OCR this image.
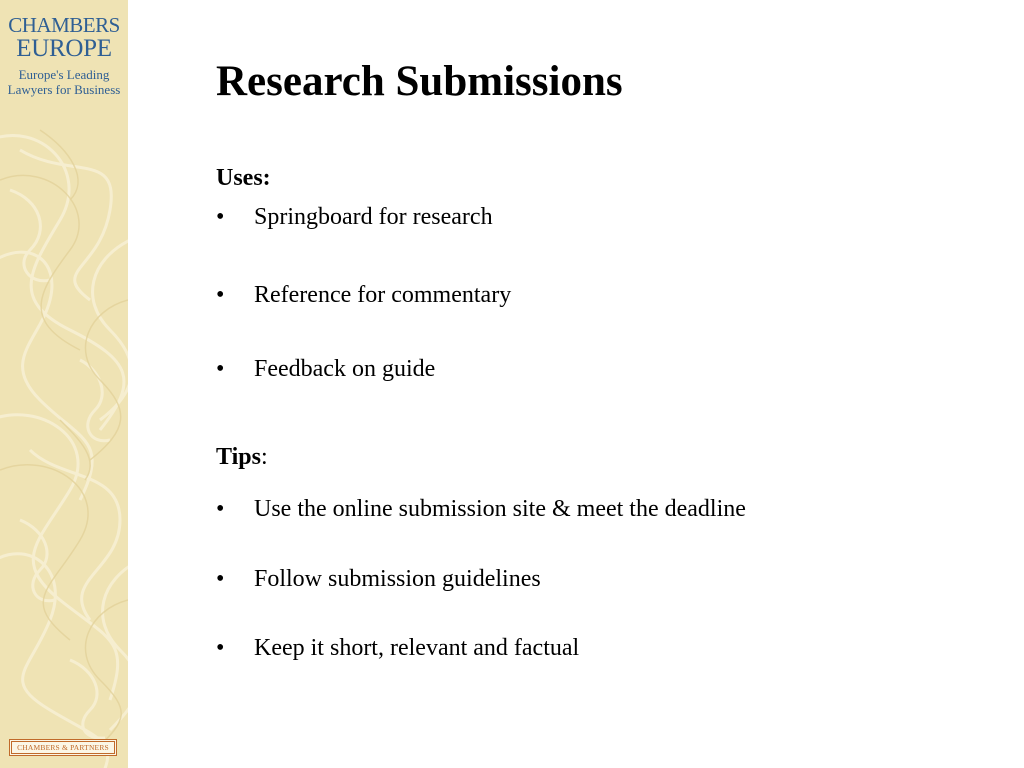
CHAMBERS
EUROPE
Europe's Leading
Lawyers for Business
CHAMBERS & PARTNERS
Research Submissions
Uses:
• Springboard for research
• Reference for commentary
• Feedback on guide
Tips:
• Use the online submission site & meet the deadline
• Follow submission guidelines
• Keep it short, relevant and factual
